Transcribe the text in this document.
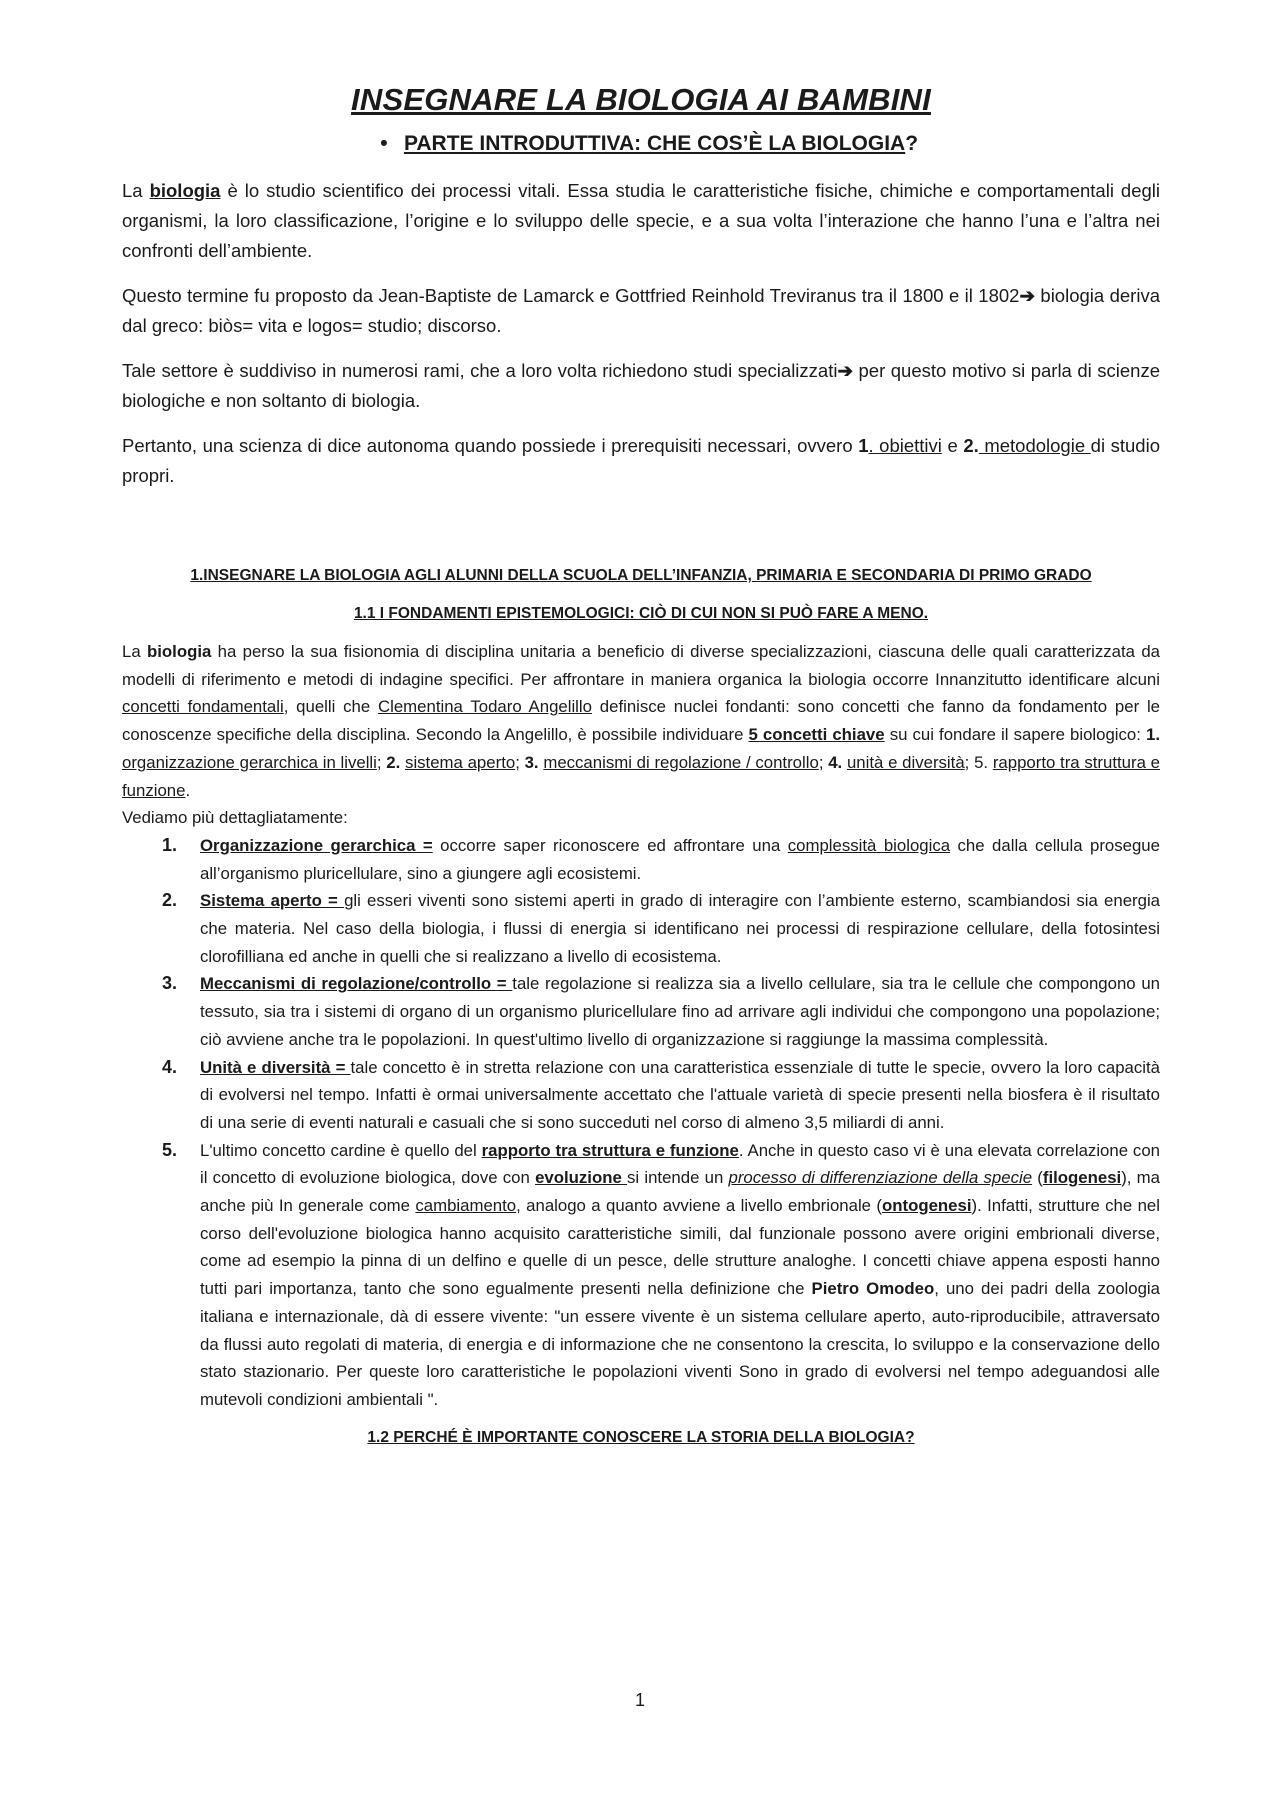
INSEGNARE LA BIOLOGIA AI BAMBINI
• PARTE INTRODUTTIVA: CHE COS’È LA BIOLOGIA?

La biologia è lo studio scientifico dei processi vitali. Essa studia le caratteristiche fisiche, chimiche e comportamentali degli organismi, la loro classificazione, l’origine e lo sviluppo delle specie, e a sua volta l’interazione che hanno l’una e l’altra nei confronti dell’ambiente.

Questo termine fu proposto da Jean-Baptiste de Lamarck e Gottfried Reinhold Treviranus tra il 1800 e il 1802➔ biologia deriva dal greco: biòs= vita e logos= studio; discorso.

Tale settore è suddiviso in numerosi rami, che a loro volta richiedono studi specializzati➔ per questo motivo si parla di scienze biologiche e non soltanto di biologia.

Pertanto, una scienza di dice autonoma quando possiede i prerequisiti necessari, ovvero 1. obiettivi e 2. metodologie di studio propri.

1.INSEGNARE LA BIOLOGIA AGLI ALUNNI DELLA SCUOLA DELL’INFANZIA, PRIMARIA E SECONDARIA DI PRIMO GRADO
1.1 I FONDAMENTI EPISTEMOLOGICI: CIÒ DI CUI NON SI PUÒ FARE A MENO.

La biologia ha perso la sua fisionomia di disciplina unitaria a beneficio di diverse specializzazioni, ciascuna delle quali caratterizzata da modelli di riferimento e metodi di indagine specifici. Per affrontare in maniera organica la biologia occorre Innanzitutto identificare alcuni concetti fondamentali, quelli che Clementina Todaro Angelillo definisce nuclei fondanti: sono concetti che fanno da fondamento per le conoscenze specifiche della disciplina. Secondo la Angelillo, è possibile individuare 5 concetti chiave su cui fondare il sapere biologico: 1. organizzazione gerarchica in livelli; 2. sistema aperto; 3. meccanismi di regolazione / controllo; 4. unità e diversità; 5. rapporto tra struttura e funzione.
Vediamo più dettagliatamente:

1. Organizzazione gerarchica = occorre saper riconoscere ed affrontare una complessità biologica che dalla cellula prosegue all’organismo pluricellulare, sino a giungere agli ecosistemi.
2. Sistema aperto = gli esseri viventi sono sistemi aperti in grado di interagire con l’ambiente esterno, scambiandosi sia energia che materia. Nel caso della biologia, i flussi di energia si identificano nei processi di respirazione cellulare, della fotosintesi clorofilliana ed anche in quelli che si realizzano a livello di ecosistema.
3. Meccanismi di regolazione/controllo = tale regolazione si realizza sia a livello cellulare, sia tra le cellule che compongono un tessuto, sia tra i sistemi di organo di un organismo pluricellulare fino ad arrivare agli individui che compongono una popolazione; ciò avviene anche tra le popolazioni. In quest'ultimo livello di organizzazione si raggiunge la massima complessità.
4. Unità e diversità = tale concetto è in stretta relazione con una caratteristica essenziale di tutte le specie, ovvero la loro capacità di evolversi nel tempo. Infatti è ormai universalmente accettato che l'attuale varietà di specie presenti nella biosfera è il risultato di una serie di eventi naturali e casuali che si sono succeduti nel corso di almeno 3,5 miliardi di anni.
5. L'ultimo concetto cardine è quello del rapporto tra struttura e funzione. Anche in questo caso vi è una elevata correlazione con il concetto di evoluzione biologica, dove con evoluzione si intende un processo di differenziazione della specie (filogenesi), ma anche più In generale come cambiamento, analogo a quanto avviene a livello embrionale (ontogenesi). Infatti, strutture che nel corso dell'evoluzione biologica hanno acquisito caratteristiche simili, dal funzionale possono avere origini embrionali diverse, come ad esempio la pinna di un delfino e quelle di un pesce, delle strutture analoghe. I concetti chiave appena esposti hanno tutti pari importanza, tanto che sono egualmente presenti nella definizione che Pietro Omodeo, uno dei padri della zoologia italiana e internazionale, dà di essere vivente: "un essere vivente è un sistema cellulare aperto, auto-riproducibile, attraversato da flussi auto regolati di materia, di energia e di informazione che ne consentono la crescita, lo sviluppo e la conservazione dello stato stazionario. Per queste loro caratteristiche le popolazioni viventi Sono in grado di evolversi nel tempo adeguandosi alle mutevoli condizioni ambientali ".
1.2 PERCHÉ È IMPORTANTE CONOSCERE LA STORIA DELLA BIOLOGIA?
1
